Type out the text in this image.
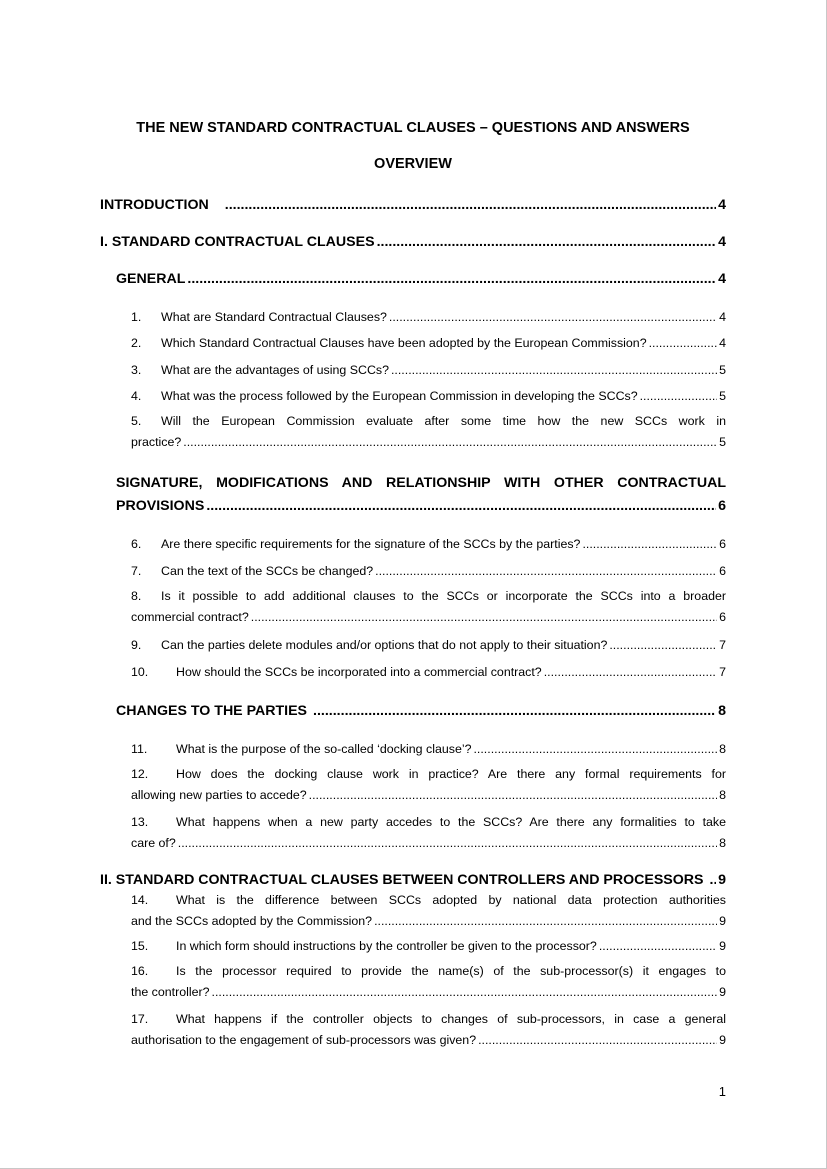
THE NEW STANDARD CONTRACTUAL CLAUSES – QUESTIONS AND ANSWERS
OVERVIEW
INTRODUCTION .....	4
I. STANDARD CONTRACTUAL CLAUSES .....	4
GENERAL .....	4
1.	What are Standard Contractual Clauses? .....	4
2.	Which Standard Contractual Clauses have been adopted by the European Commission? .....	4
3.	What are the advantages of using SCCs? .....	5
4.	What was the process followed by the European Commission in developing the SCCs? .....	5
5.	Will the European Commission evaluate after some time how the new SCCs work in
practice? .....	5
SIGNATURE, MODIFICATIONS AND RELATIONSHIP WITH OTHER CONTRACTUAL
PROVISIONS .....	6
6.	Are there specific requirements for the signature of the SCCs by the parties? .....	6
7.	Can the text of the SCCs be changed? .....	6
8.	Is it possible to add additional clauses to the SCCs or incorporate the SCCs into a broader
commercial contract? .....	6
9.	Can the parties delete modules and/or options that do not apply to their situation? .....	7
10.	How should the SCCs be incorporated into a commercial contract? .....	7
CHANGES TO THE PARTIES .....	8
11.	What is the purpose of the so-called ‘docking clause’? .....	8
12.	How does the docking clause work in practice? Are there any formal requirements for
allowing new parties to accede? .....	8
13.	What happens when a new party accedes to the SCCs? Are there any formalities to take
care of? .....	8
II. STANDARD CONTRACTUAL CLAUSES BETWEEN CONTROLLERS AND PROCESSORS ..... 9
14.	What is the difference between SCCs adopted by national data protection authorities
and the SCCs adopted by the Commission? .....	9
15.	In which form should instructions by the controller be given to the processor? .....	9
16.	Is the processor required to provide the name(s) of the sub-processor(s) it engages to
the controller? .....	9
17.	What happens if the controller objects to changes of sub-processors, in case a general
authorisation to the engagement of sub-processors was given? .....	9
1
